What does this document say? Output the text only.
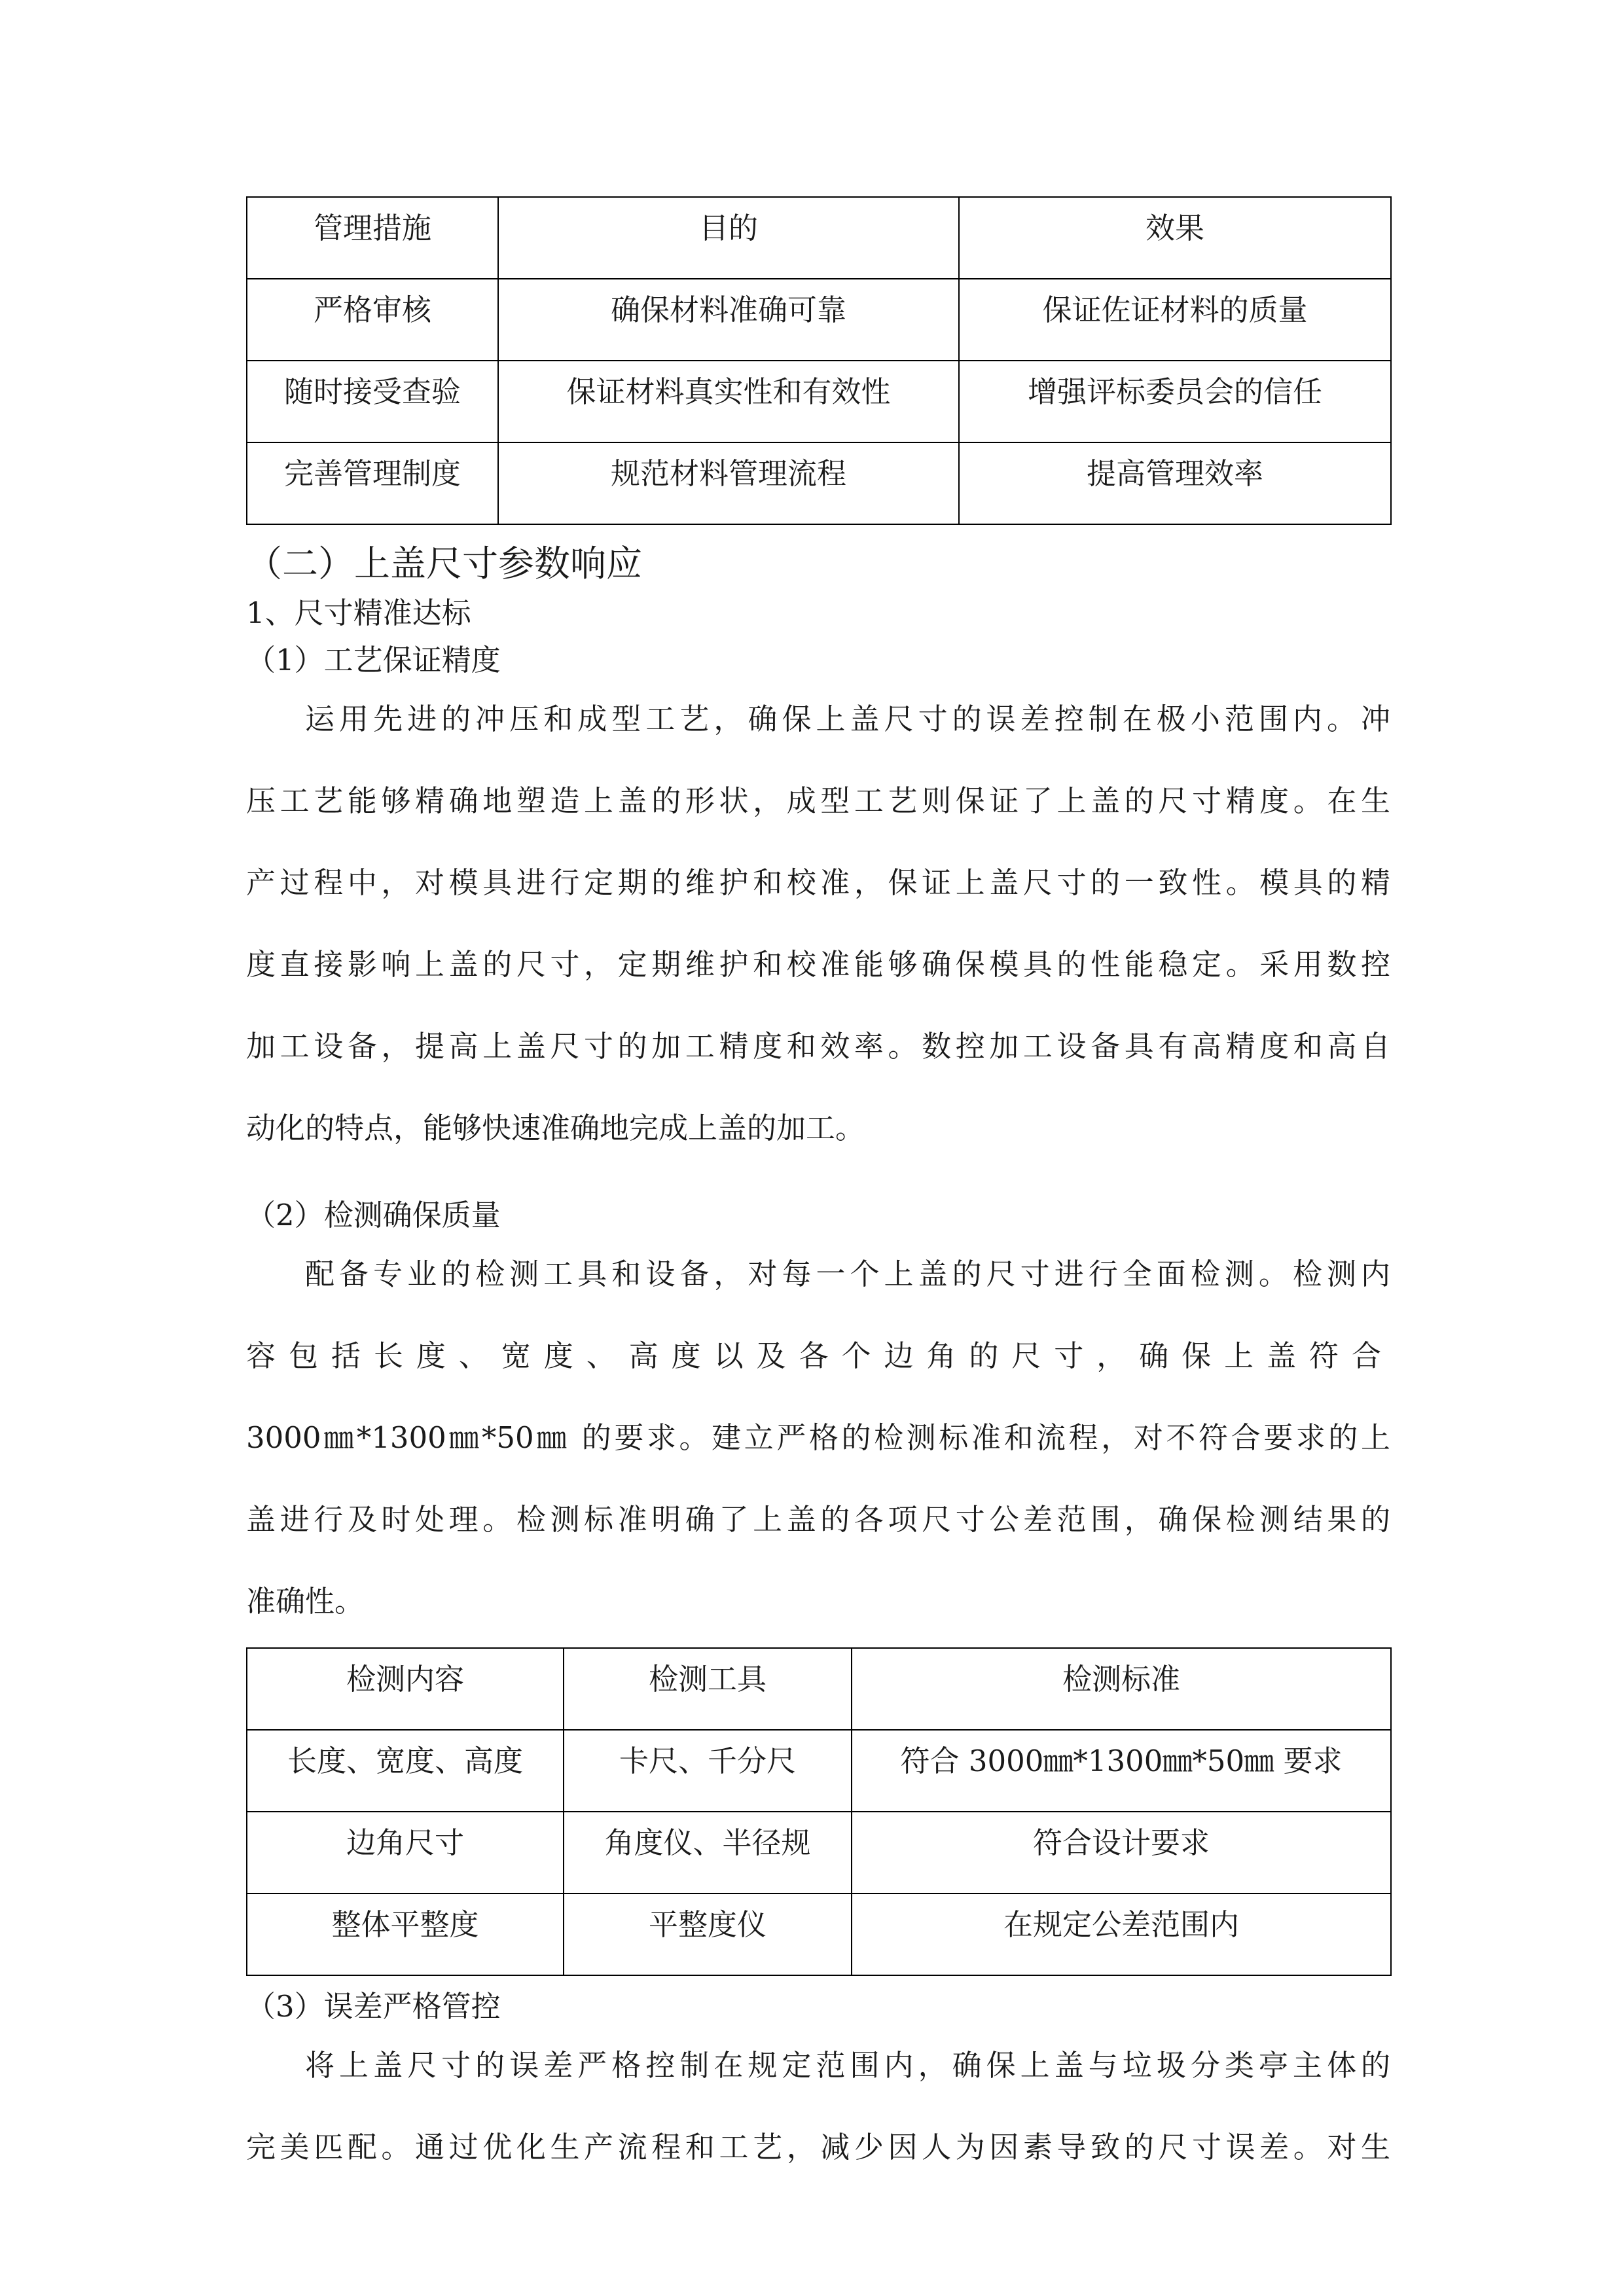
管理措施	目的	效果
严格审核	确保材料准确可靠	保证佐证材料的质量
随时接受查验	保证材料真实性和有效性	增强评标委员会的信任
完善管理制度	规范材料管理流程	提高管理效率
（二）上盖尺寸参数响应
1、尺寸精准达标
（1）工艺保证精度
运用先进的冲压和成型工艺，确保上盖尺寸的误差控制在极小范围内。冲
压工艺能够精确地塑造上盖的形状，成型工艺则保证了上盖的尺寸精度。在生
产过程中，对模具进行定期的维护和校准，保证上盖尺寸的一致性。模具的精
度直接影响上盖的尺寸，定期维护和校准能够确保模具的性能稳定。采用数控
加工设备，提高上盖尺寸的加工精度和效率。数控加工设备具有高精度和高自
动化的特点，能够快速准确地完成上盖的加工。
（2）检测确保质量
配备专业的检测工具和设备，对每一个上盖的尺寸进行全面检测。检测内
容包括长度、宽度、高度以及各个边角的尺寸，确保上盖符合
3000㎜*1300㎜*50㎜ 的要求。建立严格的检测标准和流程，对不符合要求的上
盖进行及时处理。检测标准明确了上盖的各项尺寸公差范围，确保检测结果的
准确性。
检测内容	检测工具	检测标准
长度、宽度、高度	卡尺、千分尺	符合 3000㎜*1300㎜*50㎜ 要求
边角尺寸	角度仪、半径规	符合设计要求
整体平整度	平整度仪	在规定公差范围内
（3）误差严格管控
将上盖尺寸的误差严格控制在规定范围内，确保上盖与垃圾分类亭主体的
完美匹配。通过优化生产流程和工艺，减少因人为因素导致的尺寸误差。对生
